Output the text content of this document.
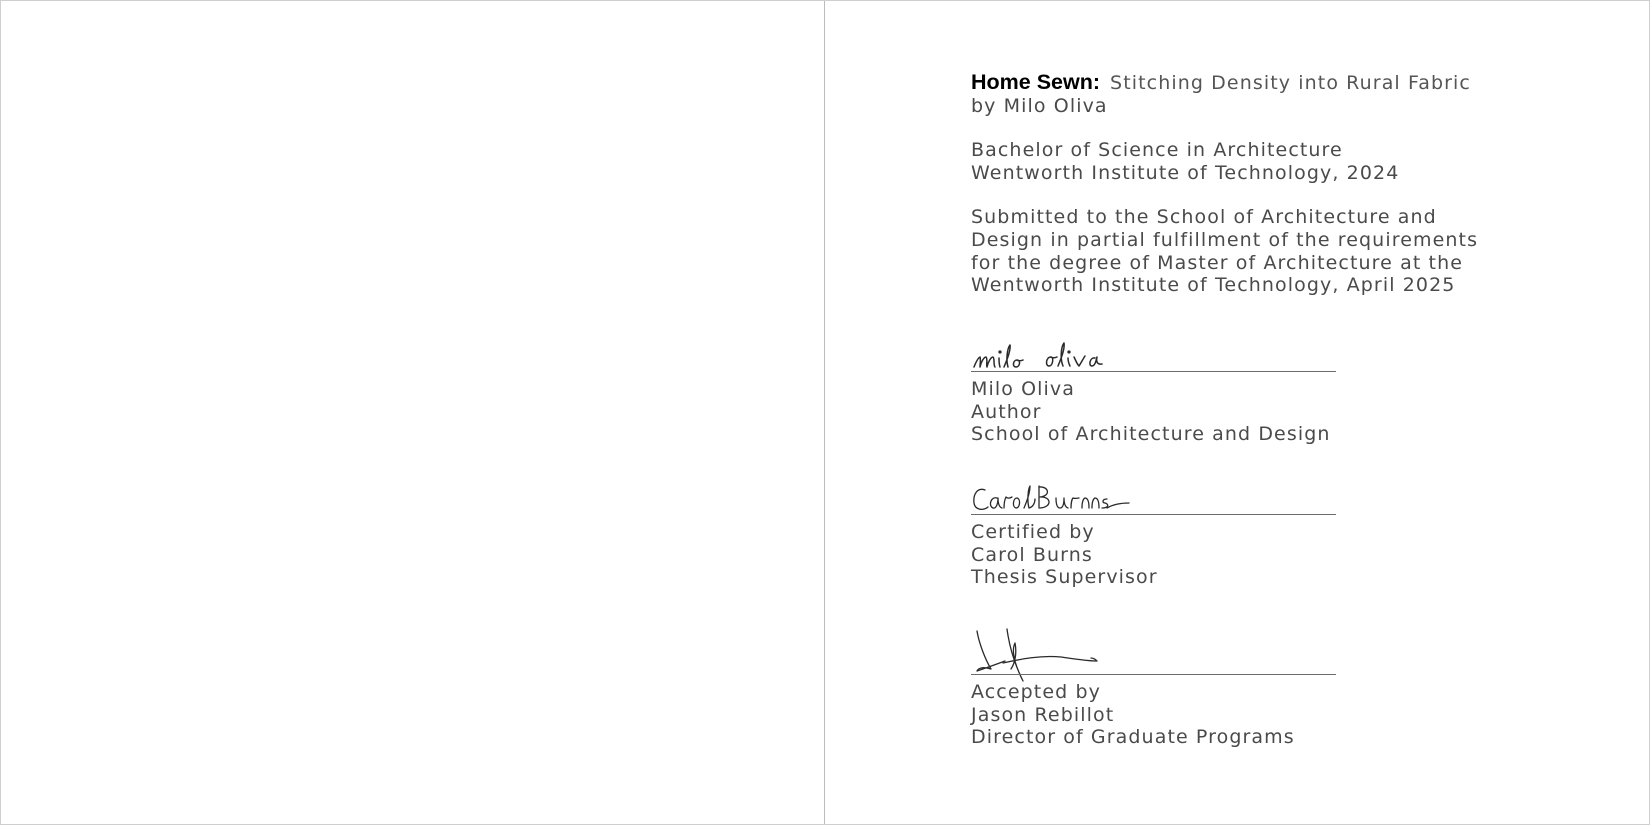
Home Sewn: Stitching Density into Rural Fabric
by Milo Oliva
Bachelor of Science in Architecture
Wentworth Institute of Technology, 2024
Submitted to the School of Architecture and
Design in partial fulfillment of the requirements
for the degree of Master of Architecture at the
Wentworth Institute of Technology, April 2025
Milo Oliva
Author
School of Architecture and Design
Certified by
Carol Burns
Thesis Supervisor
Accepted by
Jason Rebillot
Director of Graduate Programs
